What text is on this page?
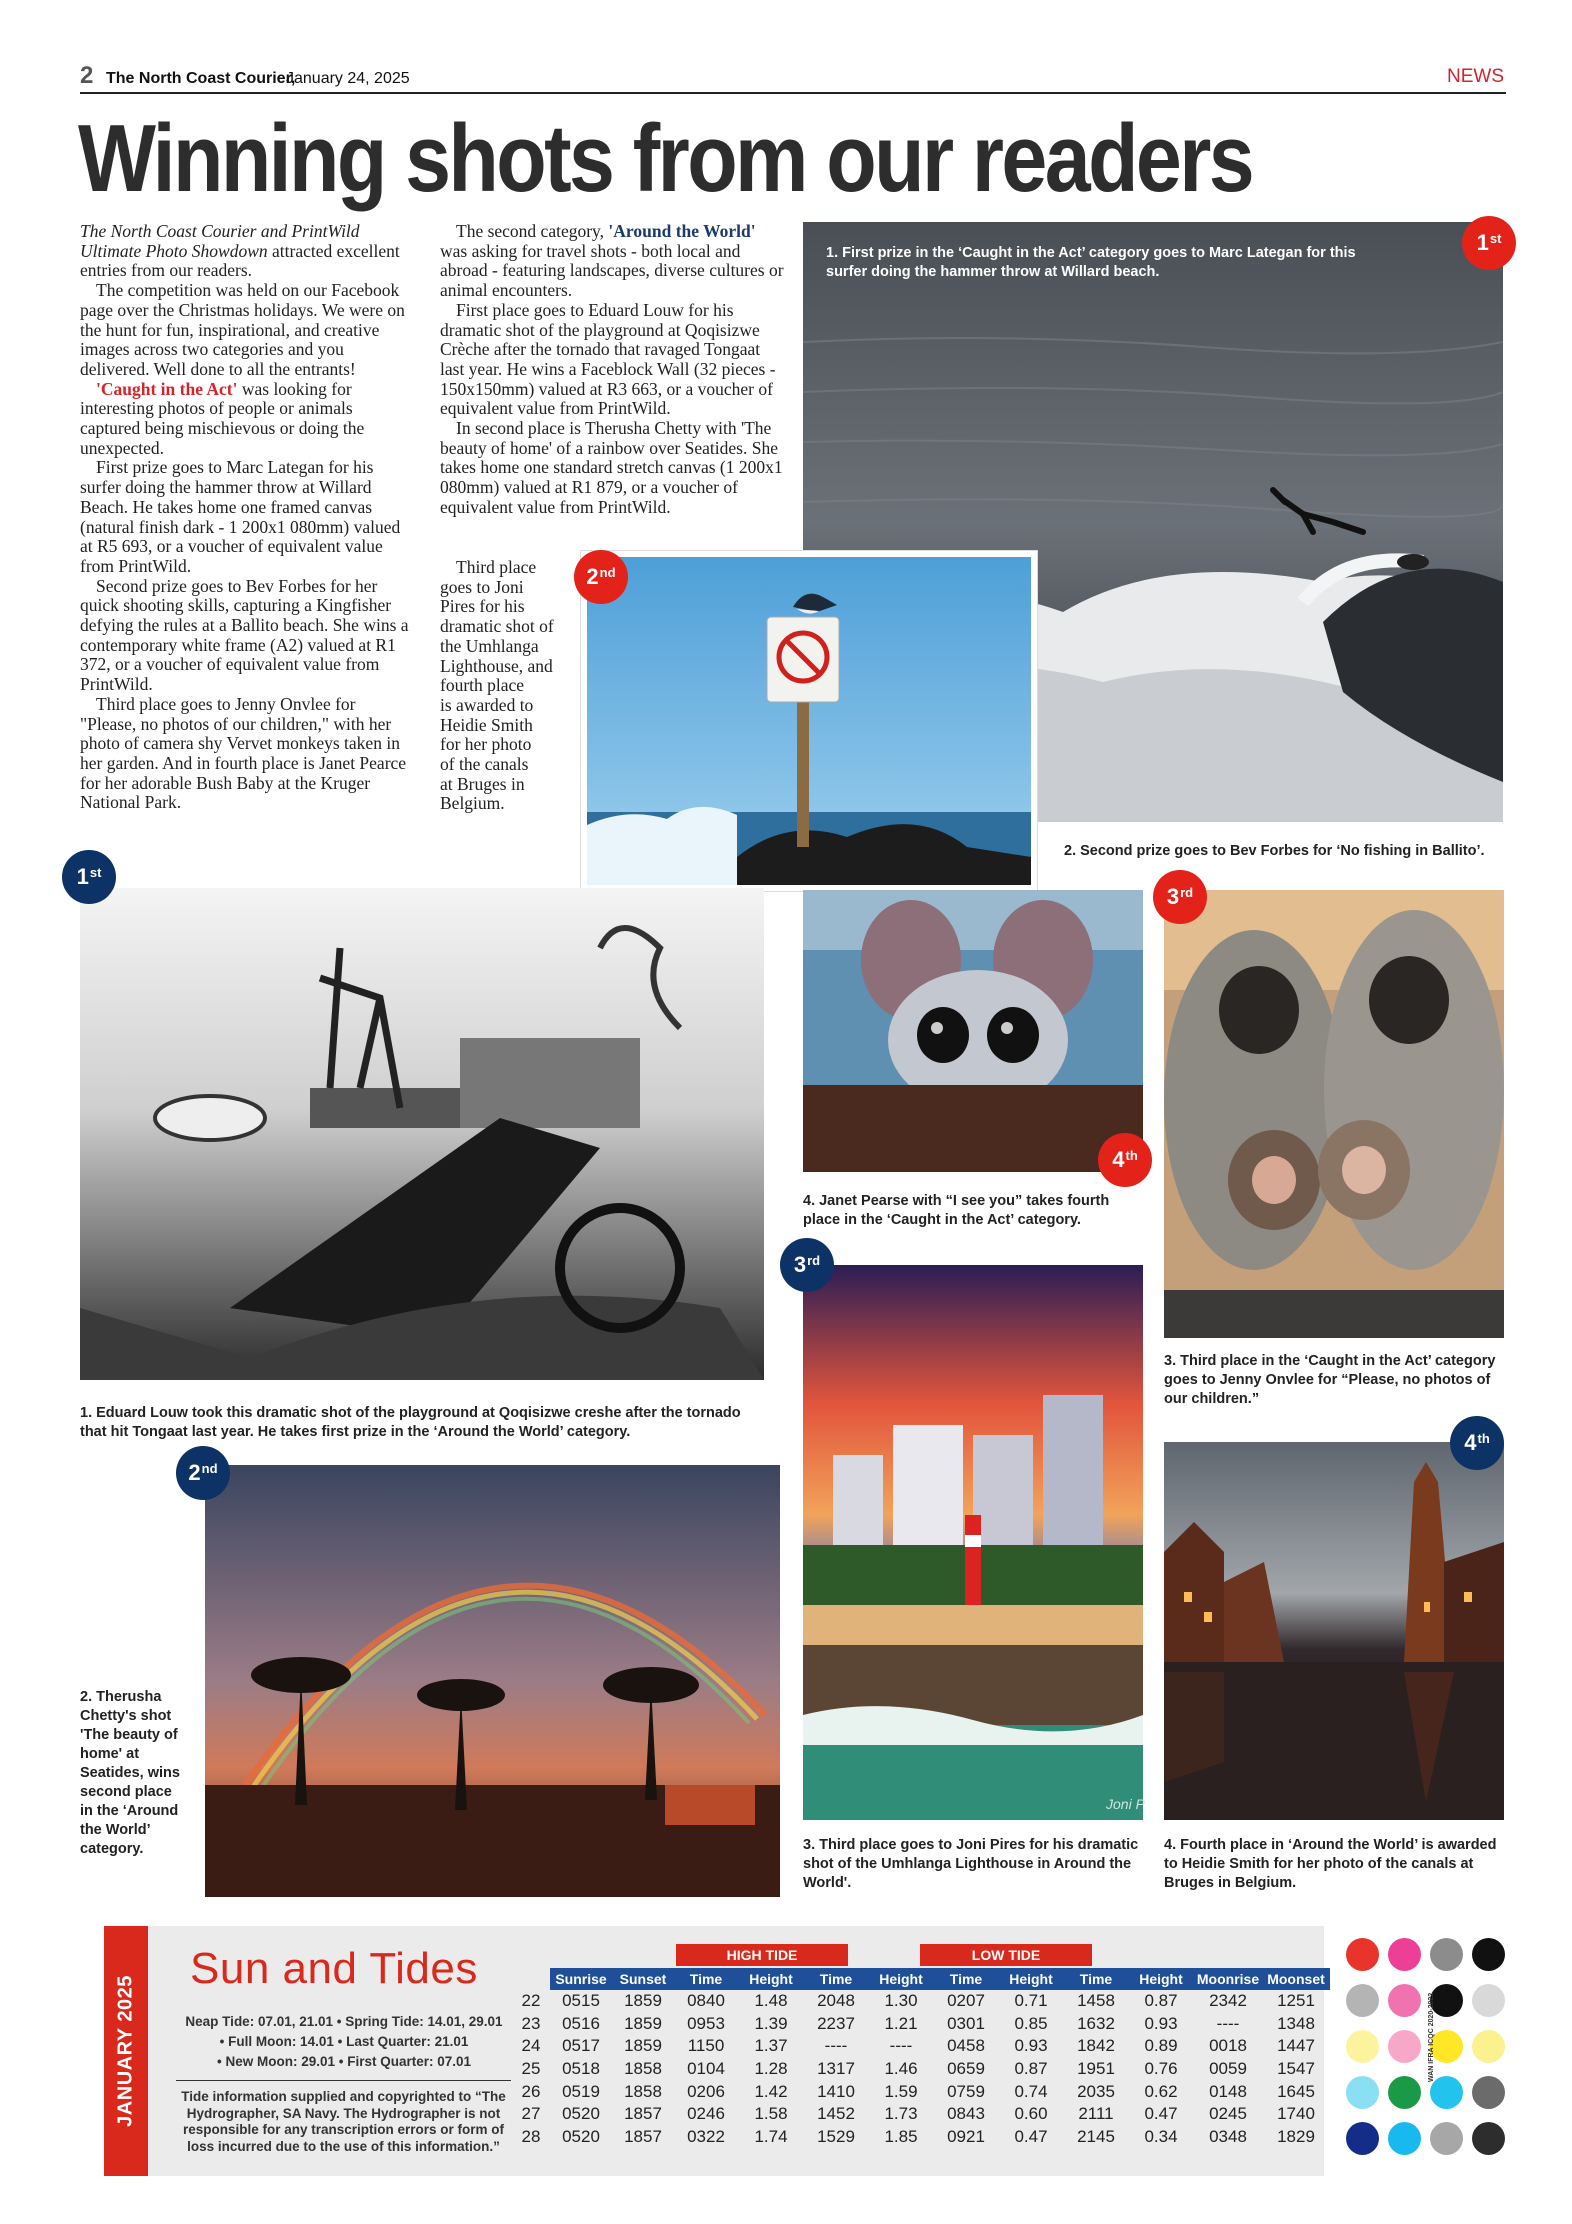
2 The North Coast Courier,
January 24, 2025	NEWS
Winning shots from our readers

The North Coast Courier and PrintWild Ultimate Photo Showdown attracted excellent entries from our readers.

The competition was held on our Facebook page over the Christmas holidays. We were on the hunt for fun, inspirational, and creative images across two categories and you delivered. Well done to all the entrants!

'Caught in the Act' was looking for interesting photos of people or animals captured being mischievous or doing the unexpected.

First prize goes to Marc Lategan for his surfer doing the hammer throw at Willard Beach. He takes home one framed canvas (natural finish dark - 1 200x1 080mm) valued at R5 693, or a voucher of equivalent value from PrintWild.

Second prize goes to Bev Forbes for her quick shooting skills, capturing a Kingfisher defying the rules at a Ballito beach. She wins a contemporary white frame (A2) valued at R1 372, or a voucher of equivalent value from PrintWild.

Third place goes to Jenny Onvlee for "Please, no photos of our children," with her photo of camera shy Vervet monkeys taken in her garden. And in fourth place is Janet Pearce for her adorable Bush Baby at the Kruger National Park.

The second category, 'Around the World' was asking for travel shots - both local and abroad - featuring landscapes, diverse cultures or animal encounters.

First place goes to Eduard Louw for his dramatic shot of the playground at Qoqisizwe Crèche after the tornado that ravaged Tongaat last year. He wins a Faceblock Wall (32 pieces - 150x150mm) valued at R3 663, or a voucher of equivalent value from PrintWild.

In second place is Therusha Chetty with 'The beauty of home' of a rainbow over Seatides. She takes home one standard stretch canvas (1 200x1 080mm) valued at R1 879, or a voucher of equivalent value from PrintWild.

Third place
goes to Joni
Pires for his
dramatic shot of
the Umhlanga
Lighthouse, and
fourth place
is awarded to
Heidie Smith
for her photo
of the canals
at Bruges in
Belgium.
1. First prize in the ‘Caught in the Act’ category goes to Marc Lategan for this surfer doing the hammer throw at Willard beach.
1st
2nd
2. Second prize goes to Bev Forbes for ‘No fishing in Ballito’.
1st
1. Eduard Louw took this dramatic shot of the playground at Qoqisizwe creshe after the tornado that hit Tongaat last year. He takes first prize in the ‘Around the World’ category.
4th
4. Janet Pearse with “I see you” takes fourth place in the ‘Caught in the Act’ category.
3rd
3. Third place in the ‘Caught in the Act’ category goes to Jenny Onvlee for “Please, no photos of our children.”
Joni P
3rd
3. Third place goes to Joni Pires for his dramatic shot of the Umhlanga Lighthouse in Around the World'.
2nd
2. Therusha Chetty's shot 'The beauty of home' at Seatides, wins second place in the ‘Around the World’ category.
4th
4. Fourth place in ‘Around the World’ is awarded to Heidie Smith for her photo of the canals at Bruges in Belgium.
JANUARY 2025
Sun and Tides
Neap Tide: 07.01, 21.01 • Spring Tide: 14.01, 29.01
• Full Moon: 14.01 • Last Quarter: 21.01
• New Moon: 29.01 • First Quarter: 07.01
Tide information supplied and copyrighted to “The Hydrographer, SA Navy. The Hydrographer is not responsible for any transcription errors or form of loss incurred due to the use of this information.”
HIGH TIDE	LOW TIDE
	Sunrise	Sunset	Time	Height	Time	Height	Time	Height	Time	Height	Moonrise	Moonset
22	0515	1859	0840	1.48	2048	1.30	0207	0.71	1458	0.87	2342	1251
23	0516	1859	0953	1.39	2237	1.21	0301	0.85	1632	0.93	----	1348
24	0517	1859	1150	1.37	----	----	0458	0.93	1842	0.89	0018	1447
25	0518	1858	0104	1.28	1317	1.46	0659	0.87	1951	0.76	0059	1547
26	0519	1858	0206	1.42	1410	1.59	0759	0.74	2035	0.62	0148	1645
27	0520	1857	0246	1.58	1452	1.73	0843	0.60	2111	0.47	0245	1740
28	0520	1857	0322	1.74	1529	1.85	0921	0.47	2145	0.34	0348	1829
WAN IFRA ICQC 2020-2022
